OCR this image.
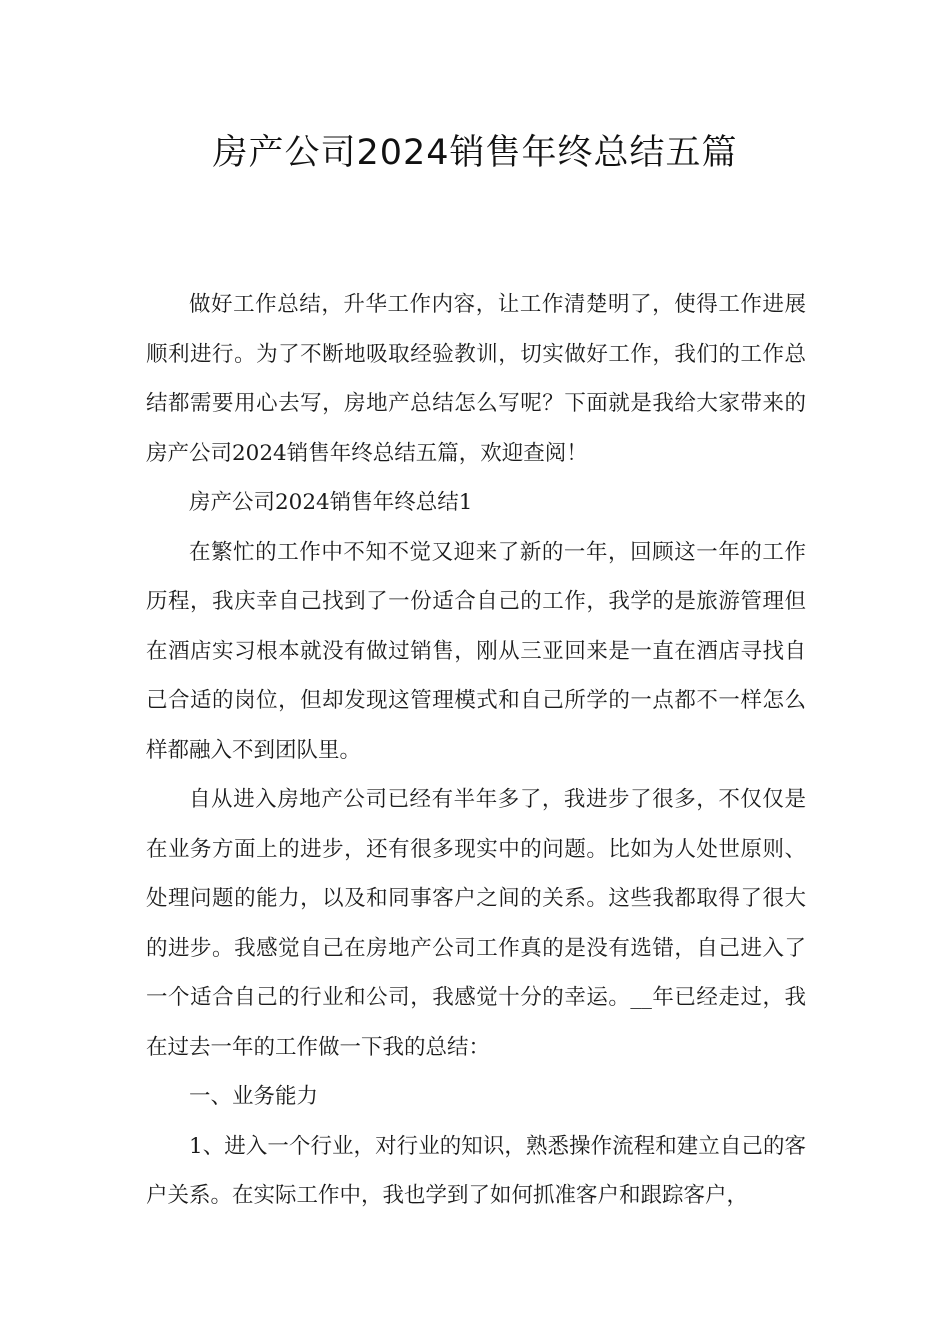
房产公司2024销售年终总结五篇

做好工作总结，升华工作内容，让工作清楚明了，使得工作进展顺利进行。为了不断地吸取经验教训，切实做好工作，我们的工作总结都需要用心去写，房地产总结怎么写呢？下面就是我给大家带来的房产公司2024销售年终总结五篇，欢迎查阅！

房产公司2024销售年终总结1

在繁忙的工作中不知不觉又迎来了新的一年，回顾这一年的工作历程，我庆幸自己找到了一份适合自己的工作，我学的是旅游管理但在酒店实习根本就没有做过销售，刚从三亚回来是一直在酒店寻找自己合适的岗位，但却发现这管理模式和自己所学的一点都不一样怎么样都融入不到团队里。

自从进入房地产公司已经有半年多了，我进步了很多，不仅仅是在业务方面上的进步，还有很多现实中的问题。比如为人处世原则、处理问题的能力，以及和同事客户之间的关系。这些我都取得了很大的进步。我感觉自己在房地产公司工作真的是没有选错，自己进入了一个适合自己的行业和公司，我感觉十分的幸运。__年已经走过，我在过去一年的工作做一下我的总结：

一、业务能力

1、进入一个行业，对行业的知识，熟悉操作流程和建立自己的客户关系。在实际工作中，我也学到了如何抓准客户和跟踪客户，
